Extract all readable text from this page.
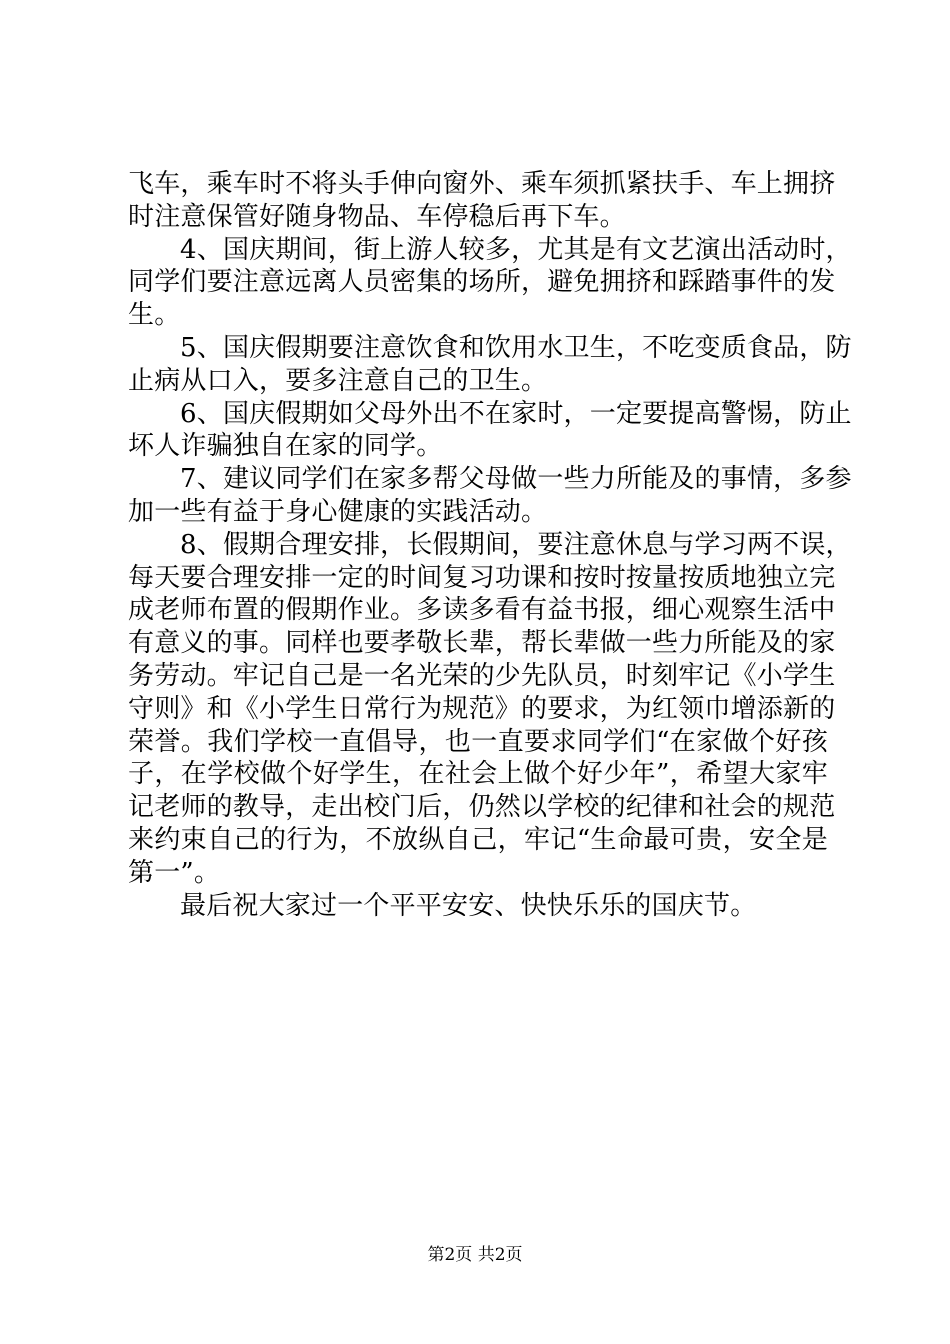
飞车，乘车时不将头手伸向窗外、乘车须抓紧扶手、车上拥挤
时注意保管好随身物品、车停稳后再下车。
4、国庆期间，街上游人较多，尤其是有文艺演出活动时，
同学们要注意远离人员密集的场所，避免拥挤和踩踏事件的发
生。
5、国庆假期要注意饮食和饮用水卫生，不吃变质食品，防
止病从口入，要多注意自己的卫生。
6、国庆假期如父母外出不在家时，一定要提高警惕，防止
坏人诈骗独自在家的同学。
7、建议同学们在家多帮父母做一些力所能及的事情，多参
加一些有益于身心健康的实践活动。
8、假期合理安排，长假期间，要注意休息与学习两不误，
每天要合理安排一定的时间复习功课和按时按量按质地独立完
成老师布置的假期作业。多读多看有益书报，细心观察生活中
有意义的事。同样也要孝敬长辈，帮长辈做一些力所能及的家
务劳动。牢记自己是一名光荣的少先队员，时刻牢记《小学生
守则》和《小学生日常行为规范》的要求，为红领巾增添新的
荣誉。我们学校一直倡导，也一直要求同学们“在家做个好孩
子，在学校做个好学生，在社会上做个好少年”，希望大家牢
记老师的教导，走出校门后，仍然以学校的纪律和社会的规范
来约束自己的行为，不放纵自己，牢记“生命最可贵，安全是
第一”。
最后祝大家过一个平平安安、快快乐乐的国庆节。
第2页 共2页
